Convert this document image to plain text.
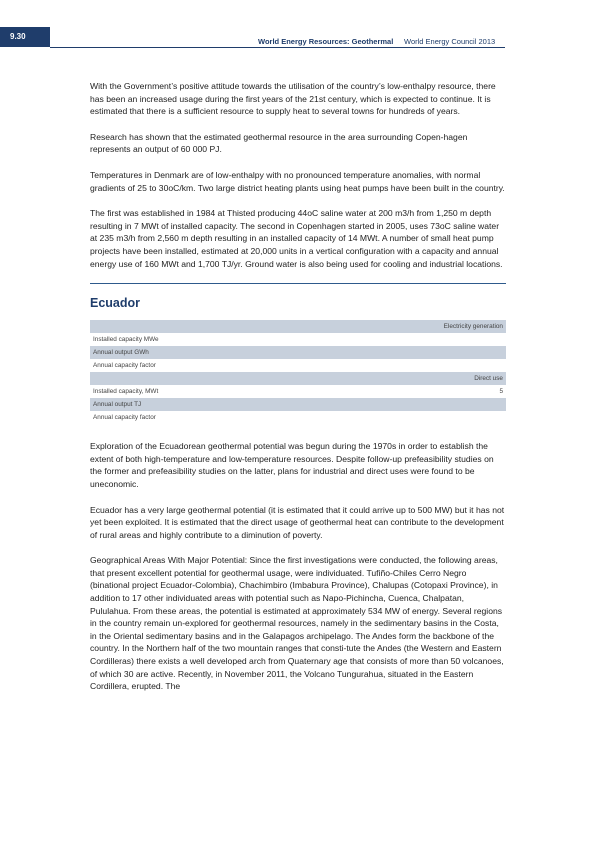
9.30
World Energy Resources: Geothermal World Energy Council 2013

With the Government’s positive attitude towards the utilisation of the country’s low-enthalpy resource, there has been an increased usage during the first years of the 21st century, which is expected to continue. It is estimated that there is a sufficient resource to supply heat to several towns for hundreds of years.

Research has shown that the estimated geothermal resource in the area surrounding Copen-hagen represents an output of 60 000 PJ.

Temperatures in Denmark are of low-enthalpy with no pronounced temperature anomalies, with normal gradients of 25 to 30oC/km. Two large district heating plants using heat pumps have been built in the country.

The first was established in 1984 at Thisted producing 44oC saline water at 200 m3/h from 1,250 m depth resulting in 7 MWt of installed capacity. The second in Copenhagen started in 2005, uses 73oC saline water at 235 m3/h from 2,560 m depth resulting in an installed capacity of 14 MWt. A number of small heat pump projects have been installed, estimated at 20,000 units in a vertical configuration with a capacity and annual energy use of 160 MWt and 1,700 TJ/yr. Ground water is also being used for cooling and industrial locations.

Ecuador
Electricity generation	
Installed capacity MWe	
Annual output GWh	
Annual capacity factor	
Direct use	
Installed capacity, MWt	5
Annual output TJ	
Annual capacity factor	

Exploration of the Ecuadorean geothermal potential was begun during the 1970s in order to establish the extent of both high-temperature and low-temperature resources. Despite follow-up prefeasibility studies on the former and prefeasibility studies on the latter, plans for industrial and direct uses were found to be uneconomic.

Ecuador has a very large geothermal potential (it is estimated that it could arrive up to 500 MW) but it has not yet been exploited. It is estimated that the direct usage of geothermal heat can contribute to the development of rural areas and highly contribute to a diminution of poverty.

Geographical Areas With Major Potential: Since the first investigations were conducted, the following areas, that present excellent potential for geothermal usage, were individuated. Tufiño-Chiles Cerro Negro (binational project Ecuador-Colombia), Chachimbiro (Imbabura Province), Chalupas (Cotopaxi Province), in addition to 17 other individuated areas with potential such as Napo-Pichincha, Cuenca, Chalpatan, Pululahua. From these areas, the potential is estimated at approximately 534 MW of energy. Several regions in the country remain un-explored for geothermal resources, namely in the sedimentary basins in the Costa, in the Oriental sedimentary basins and in the Galapagos archipelago. The Andes form the backbone of the country. In the Northern half of the two mountain ranges that consti-tute the Andes (the Western and Eastern Cordilleras) there exists a well developed arch from Quaternary age that consists of more than 50 volcanoes, of which 30 are active. Recently, in November 2011, the Volcano Tungurahua, situated in the Eastern Cordillera, erupted. The
